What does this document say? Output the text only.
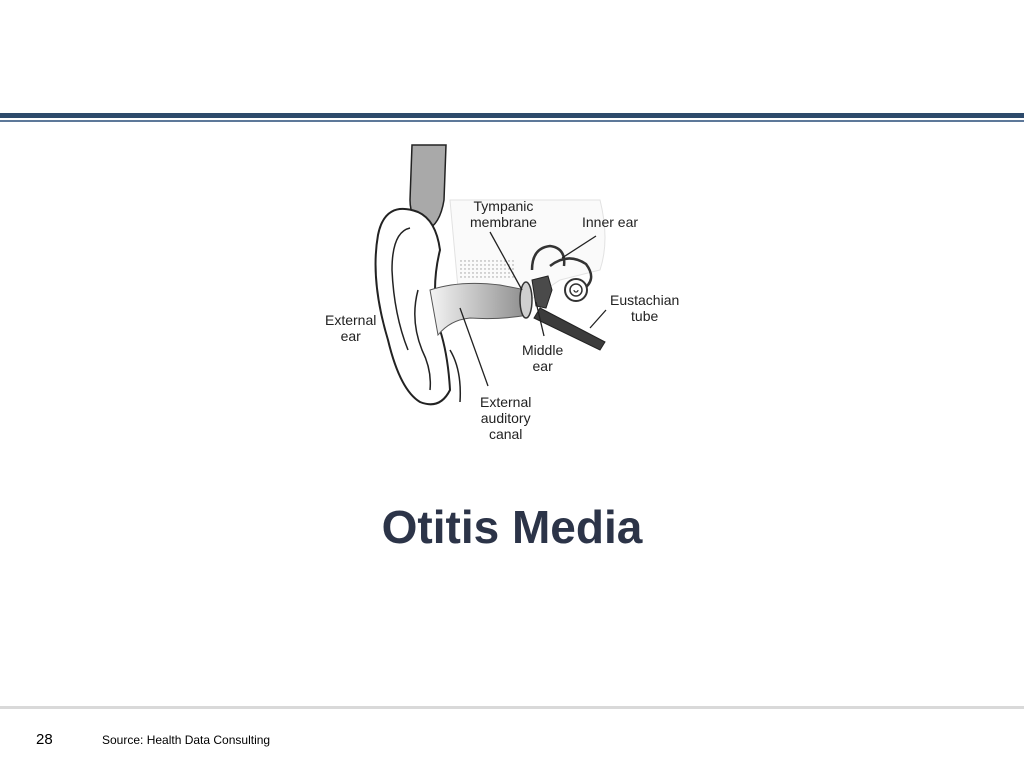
Tympanic
membrane	Inner ear
Eustachian
tube
External
ear
Middle
ear
External
auditory
canal
Otitis Media
28	Source: Health Data Consulting
